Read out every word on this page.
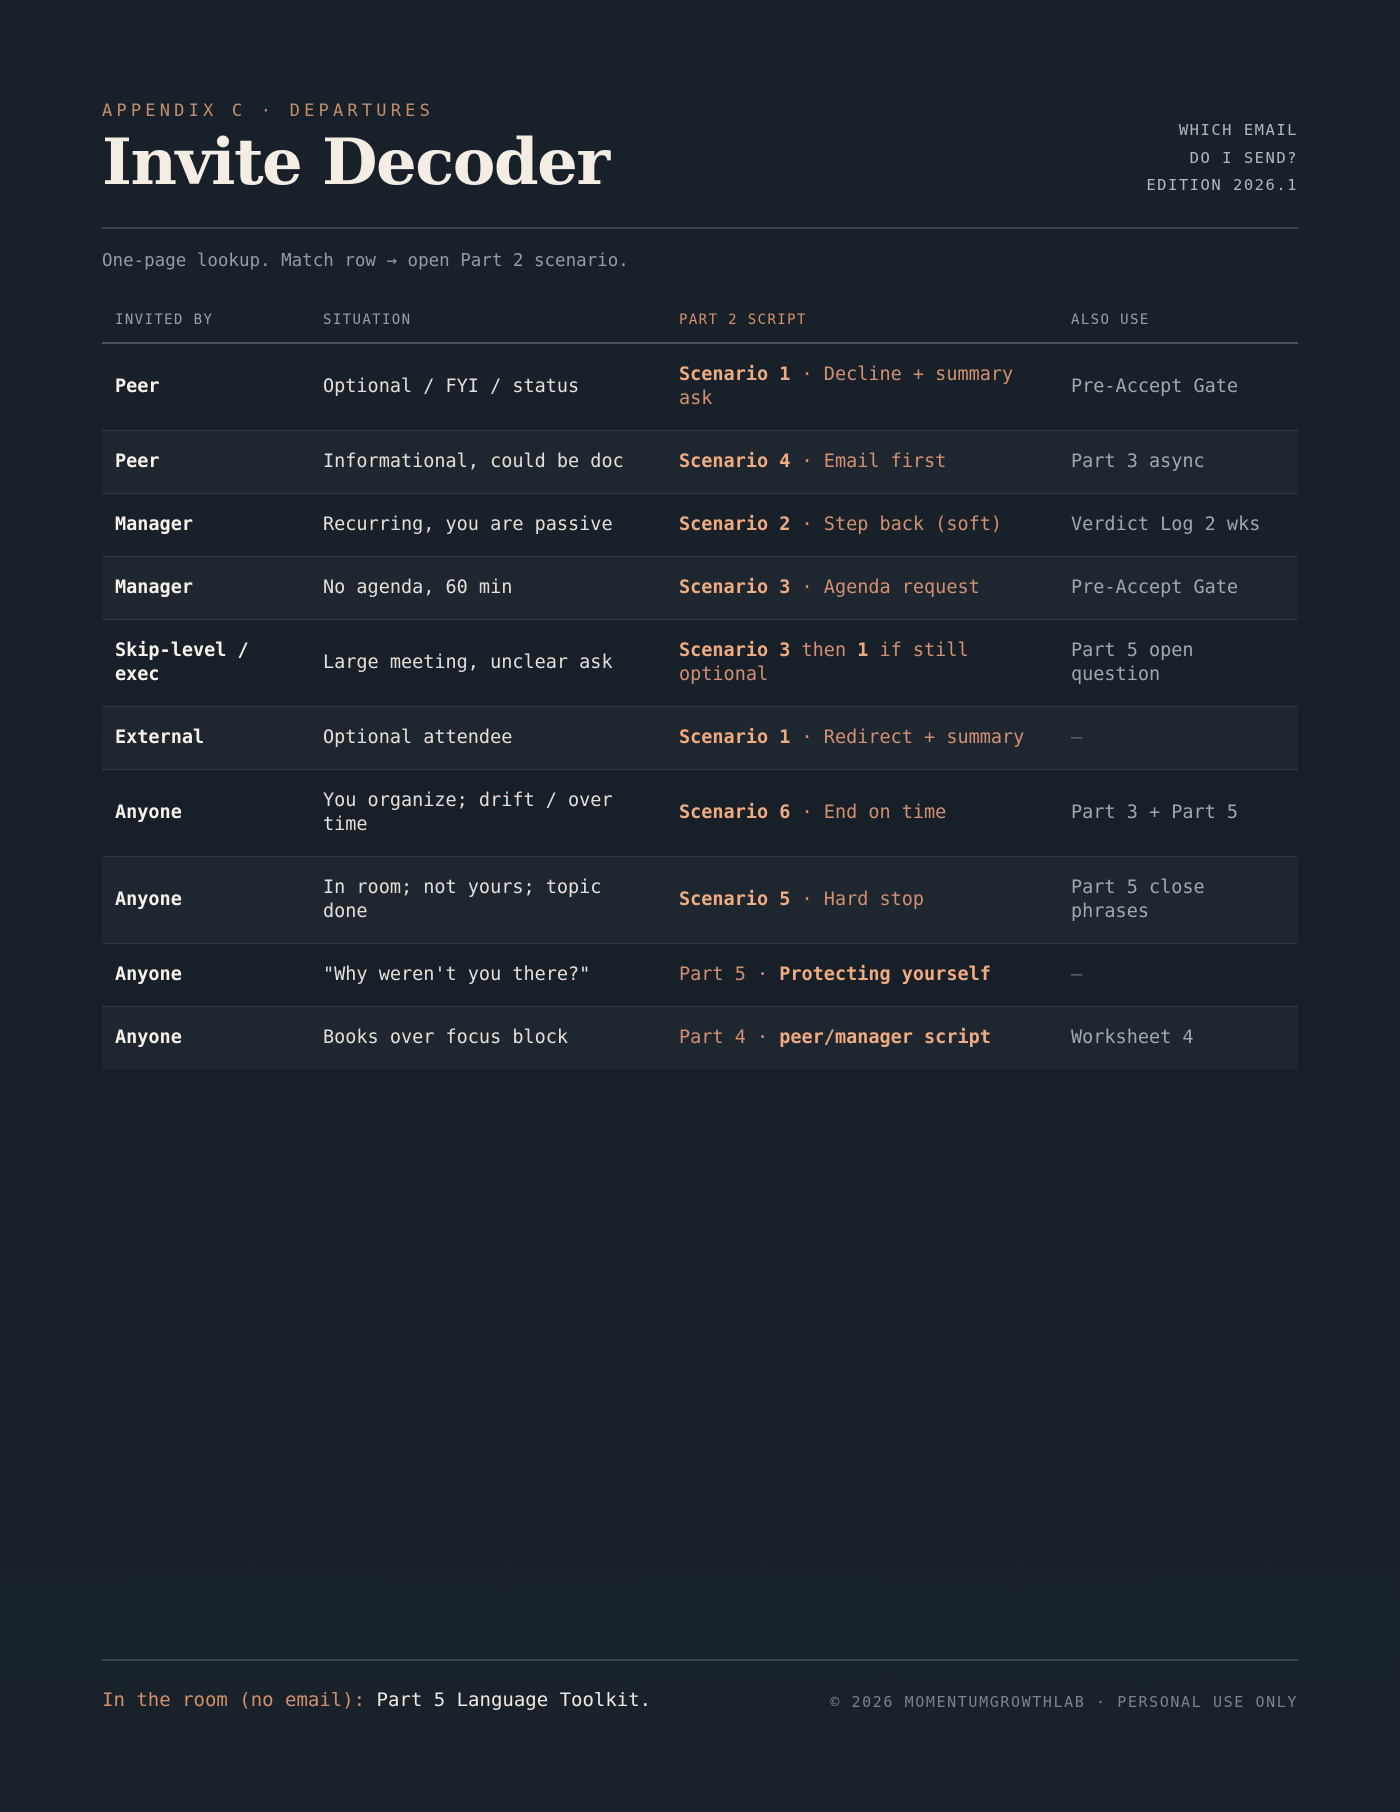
APPENDIX C · DEPARTURES
Invite Decoder	WHICH EMAIL
DO I SEND?
EDITION 2026.1
One-page lookup. Match row → open Part 2 scenario.
INVITED BY	SITUATION	PART 2 SCRIPT	ALSO USE
Peer	Optional / FYI / status	Scenario 1 · Decline + summary ask	Pre-Accept Gate
Peer	Informational, could be doc	Scenario 4 · Email first	Part 3 async
Manager	Recurring, you are passive	Scenario 2 · Step back (soft)	Verdict Log 2 wks
Manager	No agenda, 60 min	Scenario 3 · Agenda request	Pre-Accept Gate
Skip-level / exec	Large meeting, unclear ask	Scenario 3 then 1 if still optional	Part 5 open question
External	Optional attendee	Scenario 1 · Redirect + summary	—
Anyone	You organize; drift / over time	Scenario 6 · End on time	Part 3 + Part 5
Anyone	In room; not yours; topic done	Scenario 5 · Hard stop	Part 5 close phrases
Anyone	"Why weren't you there?"	Part 5 · Protecting yourself	—
Anyone	Books over focus block	Part 4 · peer/manager script	Worksheet 4
In the room (no email): Part 5 Language Toolkit.	© 2026 MOMENTUMGROWTHLAB · PERSONAL USE ONLY
